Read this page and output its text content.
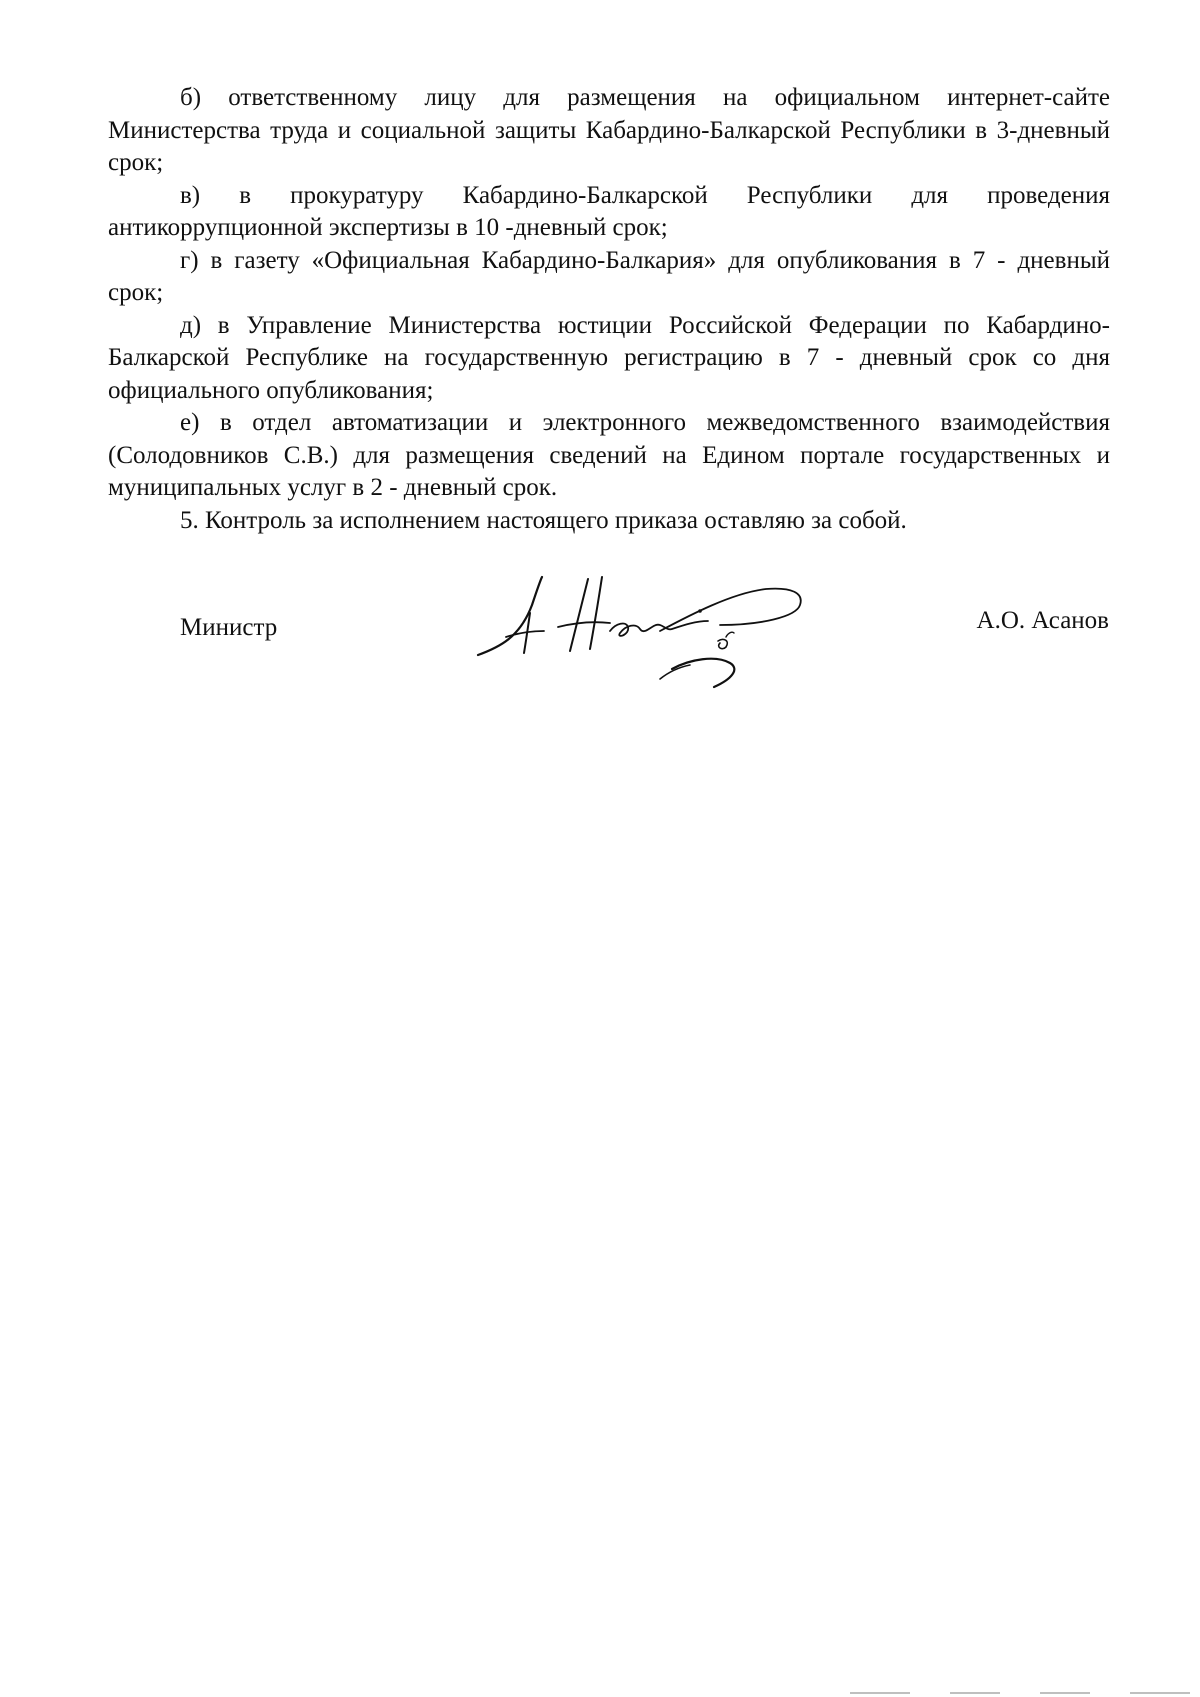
б) ответственному лицу для размещения на официальном интернет-сайте Министерства труда и социальной защиты Кабардино-Балкарской Республики в 3-дневный срок;

в) в прокуратуру Кабардино-Балкарской Республики для проведения антикоррупционной экспертизы в 10 -дневный срок;

г) в газету «Официальная Кабардино-Балкария» для опубликования в 7 - дневный срок;

д) в Управление Министерства юстиции Российской Федерации по Кабардино-Балкарской Республике на государственную регистрацию в 7 - дневный срок со дня официального опубликования;

е) в отдел автоматизации и электронного межведомственного взаимодействия (Солодовников С.В.) для размещения сведений на Едином портале государственных и муниципальных услуг в 2 - дневный срок.

5. Контроль за исполнением настоящего приказа оставляю за собой.

Министр	А.О. Асанов
